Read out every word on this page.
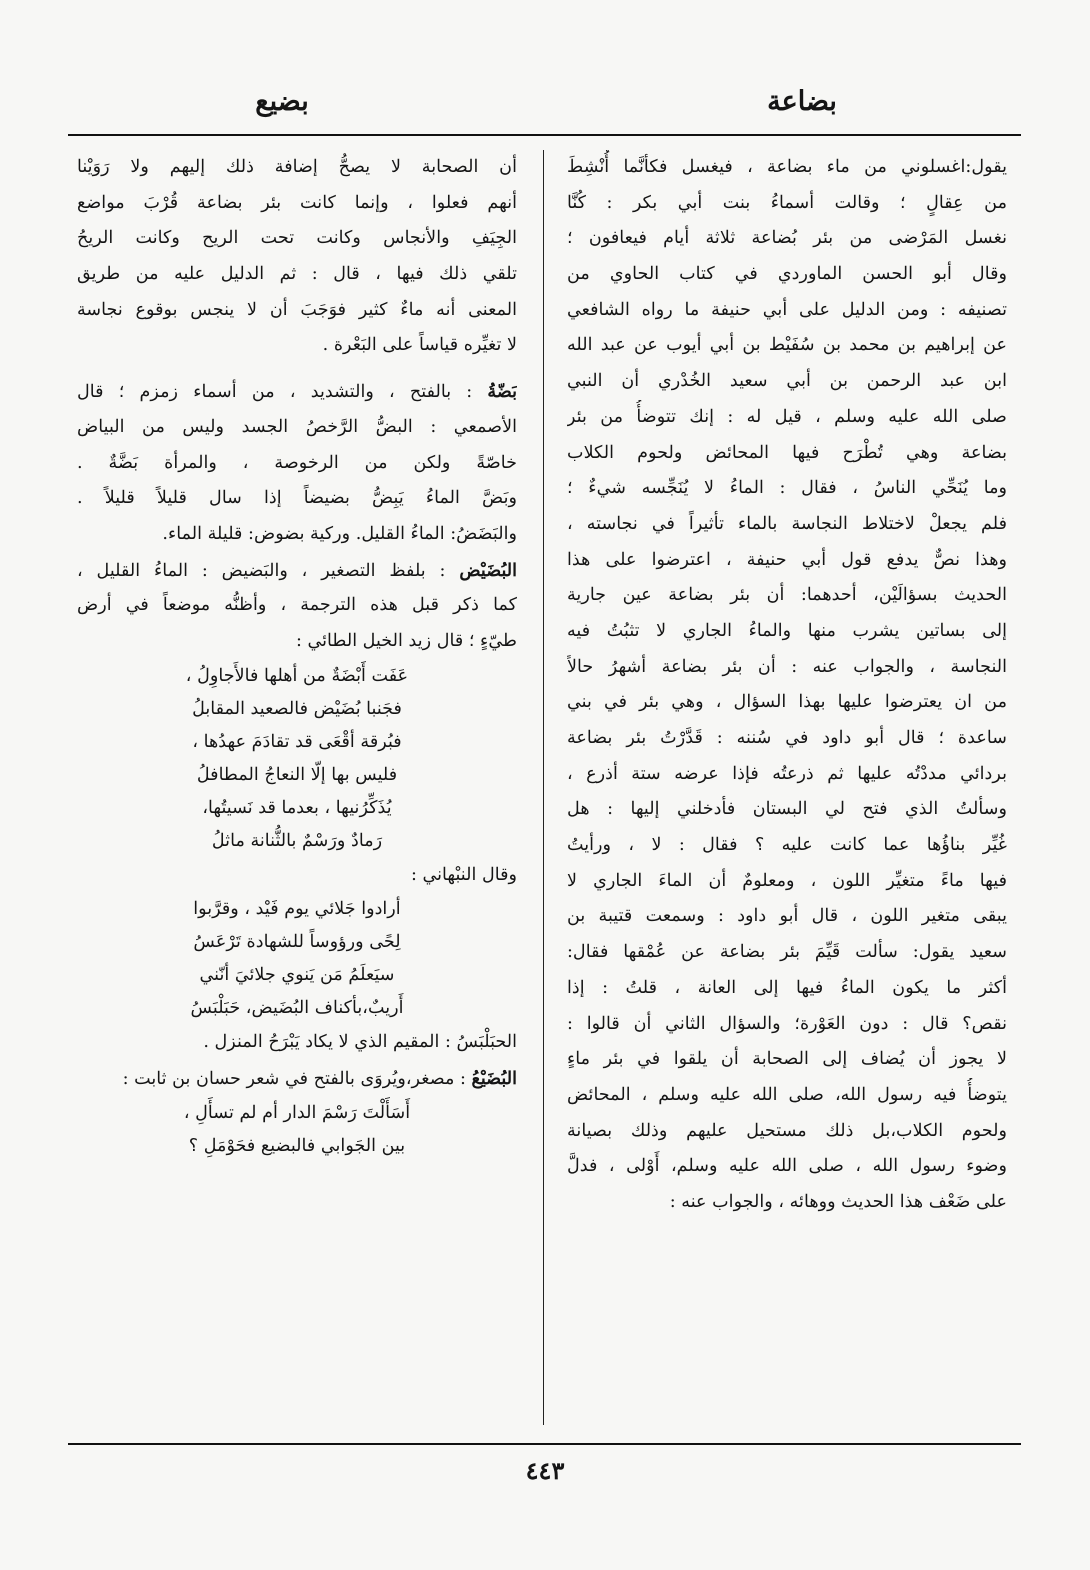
بضاعة
بضيع
يقول:اغسلوني من ماء بضاعة ، فيغسل فكأنَّما أُنْشِطَ
من عِقالٍ ؛ وقالت أسماءُ بنت أبي بكر : كُنَّا
نغسل المَرْضى من بئر بُضاعة ثلاثة أيام فيعافون ؛
وقال أبو الحسن الماوردي في كتاب الحاوي من
تصنيفه : ومن الدليل على أبي حنيفة ما رواه الشافعي
عن إبراهيم بن محمد بن سُفَيْط بن أبي أيوب عن عبد الله
ابن عبد الرحمن بن أبي سعيد الخُدْري أن النبي
صلى الله عليه وسلم ، قيل له : إنك تتوضأُ من بئر
بضاعة وهي تُطْرَح فيها المحائض ولحوم الكلاب
وما يُنَحِّي الناسُ ، فقال : الماءُ لا يُنَجِّسه شيءٌ ؛
فلم يجعلْ لاختلاط النجاسة بالماء تأثيراً في نجاسته ،
وهذا نصٌّ يدفع قول أبي حنيفة ، اعترضوا على هذا
الحديث بسؤالَيْن، أحدهما: أن بئر بضاعة عين جارية
إلى بساتين يشرب منها والماءُ الجاري لا تثبُتُ فيه
النجاسة ، والجواب عنه : أن بئر بضاعة أشهرُ حالاً
من ان يعترضوا عليها بهذا السؤال ، وهي بئر في بني
ساعدة ؛ قال أبو داود في سُننه : قَدَّرْتُ بئر بضاعة
بردائي مددْتُه عليها ثم ذرعتُه فإذا عرضه ستة أذرع ،
وسألتُ الذي فتح لي البستان فأدخلني إليها : هل
غُيِّر بناؤُها عما كانت عليه ؟ فقال : لا ، ورأيتُ
فيها ماءً متغيِّر اللون ، ومعلومٌ أن الماءَ الجاري لا
يبقى متغير اللون ، قال أبو داود : وسمعت قتيبة بن
سعيد يقول: سألت قَيِّمَ بئر بضاعة عن عُمْقها فقال:
أكثر ما يكون الماءُ فيها إلى العانة ، قلتُ : إذا
نقص؟ قال : دون العَوْرة؛ والسؤال الثاني أن قالوا :
لا يجوز أن يُضاف إلى الصحابة أن يلقوا في بئر ماءٍ
يتوضأُ فيه رسول الله، صلى الله عليه وسلم ، المحائض
ولحوم الكلاب،بل ذلك مستحيل عليهم وذلك بصيانة
وضوء رسول الله ، صلى الله عليه وسلم، أَوْلى ، فدلَّ
على ضَعْف هذا الحديث ووهائه ، والجواب عنه :
أن الصحابة لا يصحُّ إضافة ذلك إليهم ولا رَوَيْنا
أنهم فعلوا ، وإنما كانت بئر بضاعة قُرْبَ مواضع
الجِيَفِ والأنجاس وكانت تحت الريح وكانت الريحُ
تلقي ذلك فيها ، قال : ثم الدليل عليه من طريق
المعنى أنه ماءٌ كثير فوَجَبَ أن لا ينجس بوقوع نجاسة
لا تغيِّره قياساً على البَعْرة .
بَضّةُ : بالفتح ، والتشديد ، من أسماء زمزم ؛ قال
الأصمعي : البضُّ الرَّخصُ الجسد وليس من البياض
خاصّةً ولكن من الرخوصة ، والمرأة بَضَّةٌ .
وبَضَّ الماءُ يَبِضُّ بضيضاً إذا سال قليلاً قليلاً .
والبَضَضُ: الماءُ القليل. وركية بضوض: قليلة الماء.
البُضَيْض : بلفظ التصغير ، والبَضيض : الماءُ القليل ،
كما ذكر قبل هذه الترجمة ، وأظنُّه موضعاً في أرض
طيّءٍ ؛ قال زيد الخيل الطائي :
عَفَت أَبْضَةٌ من أهلها فالأَجاوِلُ ،
فجَنبا بُضَيْض فالصعيد المقابلُ
فبُرقة أقْعَى قد تقادَمَ عهدُها ،
فليس بها إلّا النعاجُ المطافلُ
يُذَكِّرُنيها ، بعدما قد نَسيتُها،
رَمادٌ ورَسْمٌ بالثُّنانة ماثلُ
وقال النبْهاني :
أرادوا جَلائي يوم فَيْد ، وقرَّبوا
لِحًى ورؤوساً للشهادة تَرْعَسُ
سيَعلَمُ مَن يَنوي جلائيَ أنّني
أَريبٌ،بأكناف البُضَيض، حَبَلْبَسُ
الحبَلْبَسُ : المقيم الذي لا يكاد يَبْرَحُ المنزل .
البُضَيْعُ : مصغر،ويُروَى بالفتح في شعر حسان بن ثابت :
أَسَأَلْتَ رَسْمَ الدار أم لم تسأَلِ ،
بين الجَوابي فالبضيع فحَوْمَلِ ؟
٤٤٣
